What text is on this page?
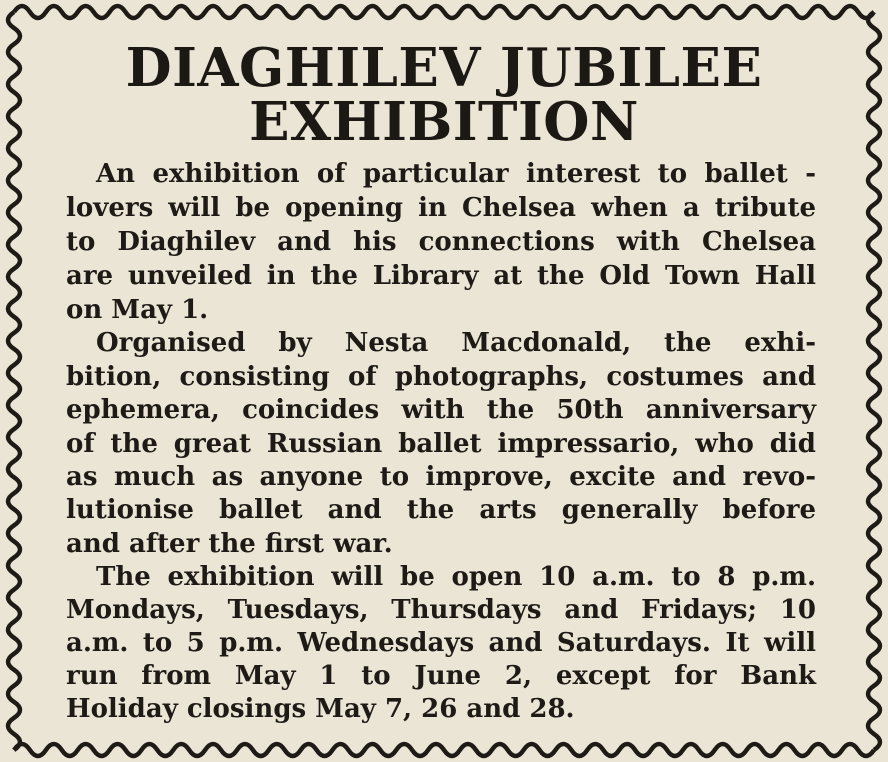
DIAGHILEV JUBILEE
EXHIBITION
An exhibition of particular interest to ballet -
lovers will be opening in Chelsea when a tribute
to Diaghilev and his connections with Chelsea
are unveiled in the Library at the Old Town Hall
on May 1.
Organised by Nesta Macdonald, the exhi-
bition, consisting of photographs, costumes and
ephemera, coincides with the 50th anniversary
of the great Russian ballet impressario, who did
as much as anyone to improve, excite and revo-
lutionise ballet and the arts generally before
and after the first war.
The exhibition will be open 10 a.m. to 8 p.m.
Mondays, Tuesdays, Thursdays and Fridays; 10
a.m. to 5 p.m. Wednesdays and Saturdays. It will
run from May 1 to June 2, except for Bank
Holiday closings May 7, 26 and 28.
